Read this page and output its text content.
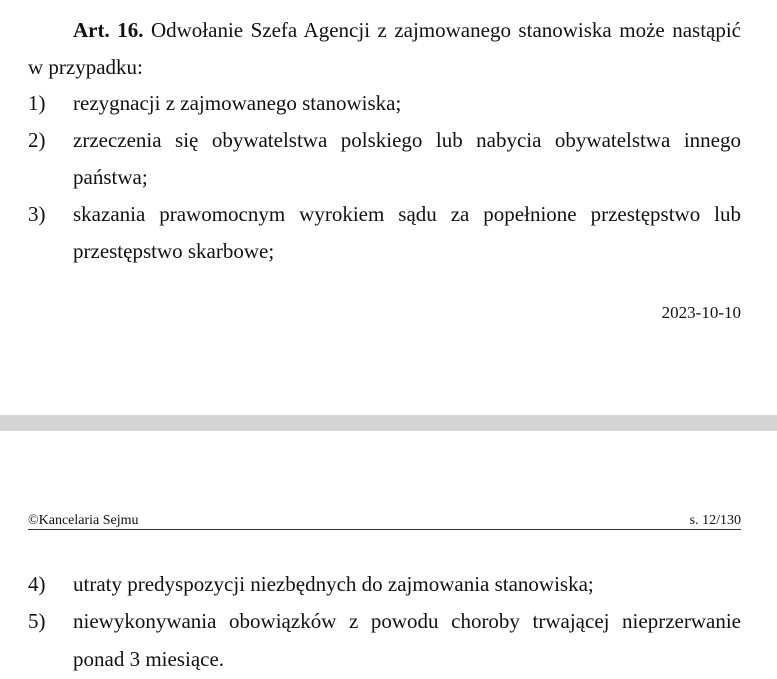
Art. 16. Odwołanie Szefa Agencji z zajmowanego stanowiska może nastąpić
w przypadku:
1) rezygnacji z zajmowanego stanowiska;
2) zrzeczenia się obywatelstwa polskiego lub nabycia obywatelstwa innego
państwa;
3) skazania prawomocnym wyrokiem sądu za popełnione przestępstwo lub
przestępstwo skarbowe;
2023-10-10
©Kancelaria Sejmu	s. 12/130
4) utraty predyspozycji niezbędnych do zajmowania stanowiska;
5) niewykonywania obowiązków z powodu choroby trwającej nieprzerwanie
ponad 3 miesiące.
